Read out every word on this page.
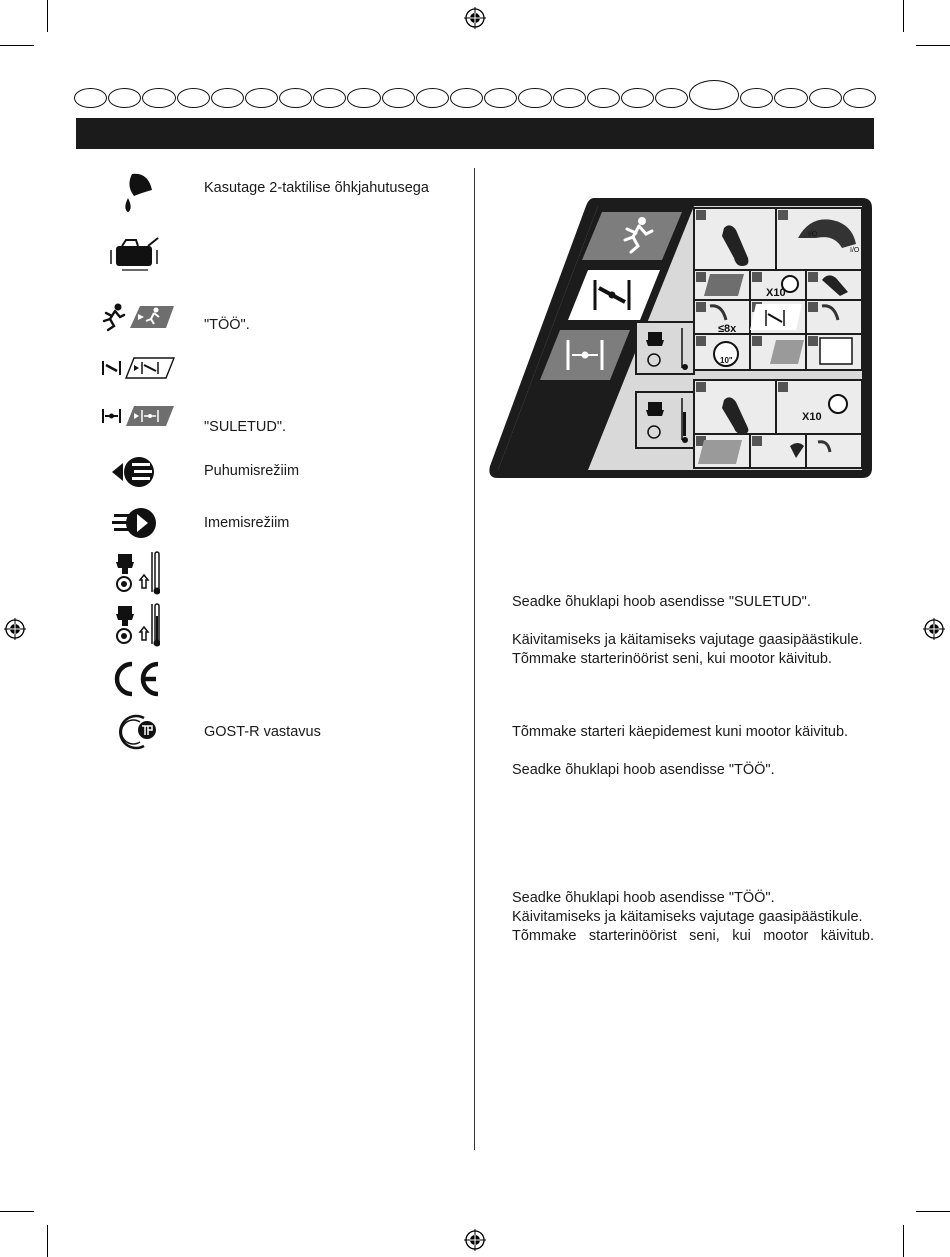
Kasutage 2-taktilise õhkjahutusega
"TÖÖ".
"SULETUD".
Puhumisrežiim
Imemisrežiim
GOST-R vastavus
X10
≤8x
10"
X10
I/O
I/O
Seadke õhuklapi hoob asendisse "SULETUD".
Käivitamiseks ja käitamiseks vajutage gaasipäästikule.
Tõmmake starterinöörist seni, kui mootor käivitub.
Tõmmake starteri käepidemest kuni mootor käivitub.
Seadke õhuklapi hoob asendisse "TÖÖ".
Seadke õhuklapi hoob asendisse "TÖÖ".
Käivitamiseks ja käitamiseks vajutage gaasipäästikule.
Tõmmake starterinöörist seni, kui mootor käivitub.
